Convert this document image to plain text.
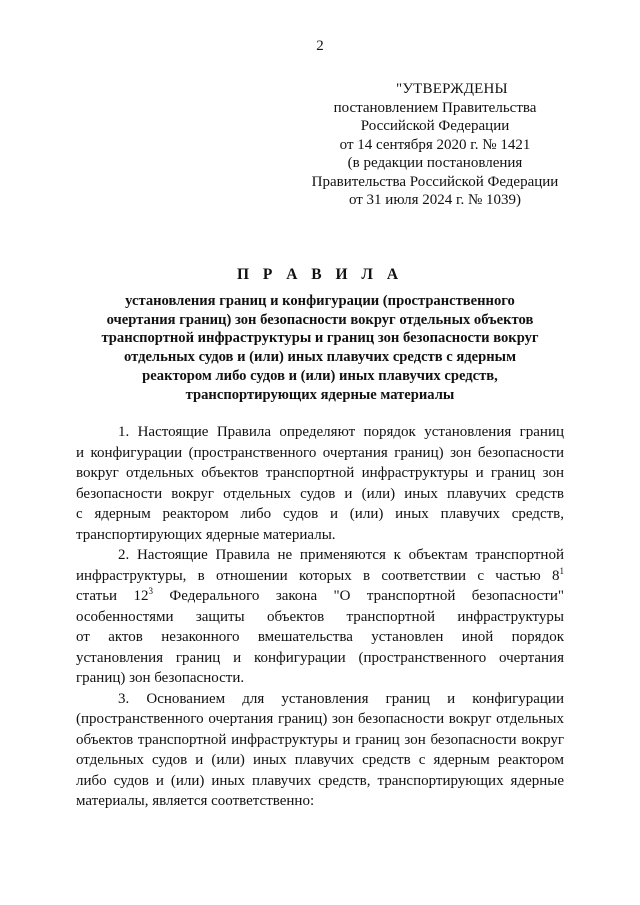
2
"УТВЕРЖДЕНЫ
постановлением Правительства
Российской Федерации
от 14 сентября 2020 г. № 1421
(в редакции постановления
Правительства Российской Федерации
от 31 июля 2024 г. № 1039)
П Р А В И Л А
установления границ и конфигурации (пространственного
очертания границ) зон безопасности вокруг отдельных объектов
транспортной инфраструктуры и границ зон безопасности вокруг
отдельных судов и (или) иных плавучих средств с ядерным
реактором либо судов и (или) иных плавучих средств,
транспортирующих ядерные материалы
1. Настоящие Правила определяют порядок установления границ
и конфигурации (пространственного очертания границ) зон безопасности
вокруг отдельных объектов транспортной инфраструктуры и границ зон
безопасности вокруг отдельных судов и (или) иных плавучих средств
с ядерным реактором либо судов и (или) иных плавучих средств,
транспортирующих ядерные материалы.
2. Настоящие Правила не применяются к объектам транспортной
инфраструктуры, в отношении которых в соответствии с частью $8^1$
статьи $12^3$ Федерального закона "О транспортной безопасности"
особенностями защиты объектов транспортной инфраструктуры
от актов незаконного вмешательства установлен иной порядок
установления границ и конфигурации (пространственного очертания
границ) зон безопасности.
3. Основанием для установления границ и конфигурации
(пространственного очертания границ) зон безопасности вокруг отдельных
объектов транспортной инфраструктуры и границ зон безопасности вокруг
отдельных судов и (или) иных плавучих средств с ядерным реактором
либо судов и (или) иных плавучих средств, транспортирующих ядерные
материалы, является соответственно:
